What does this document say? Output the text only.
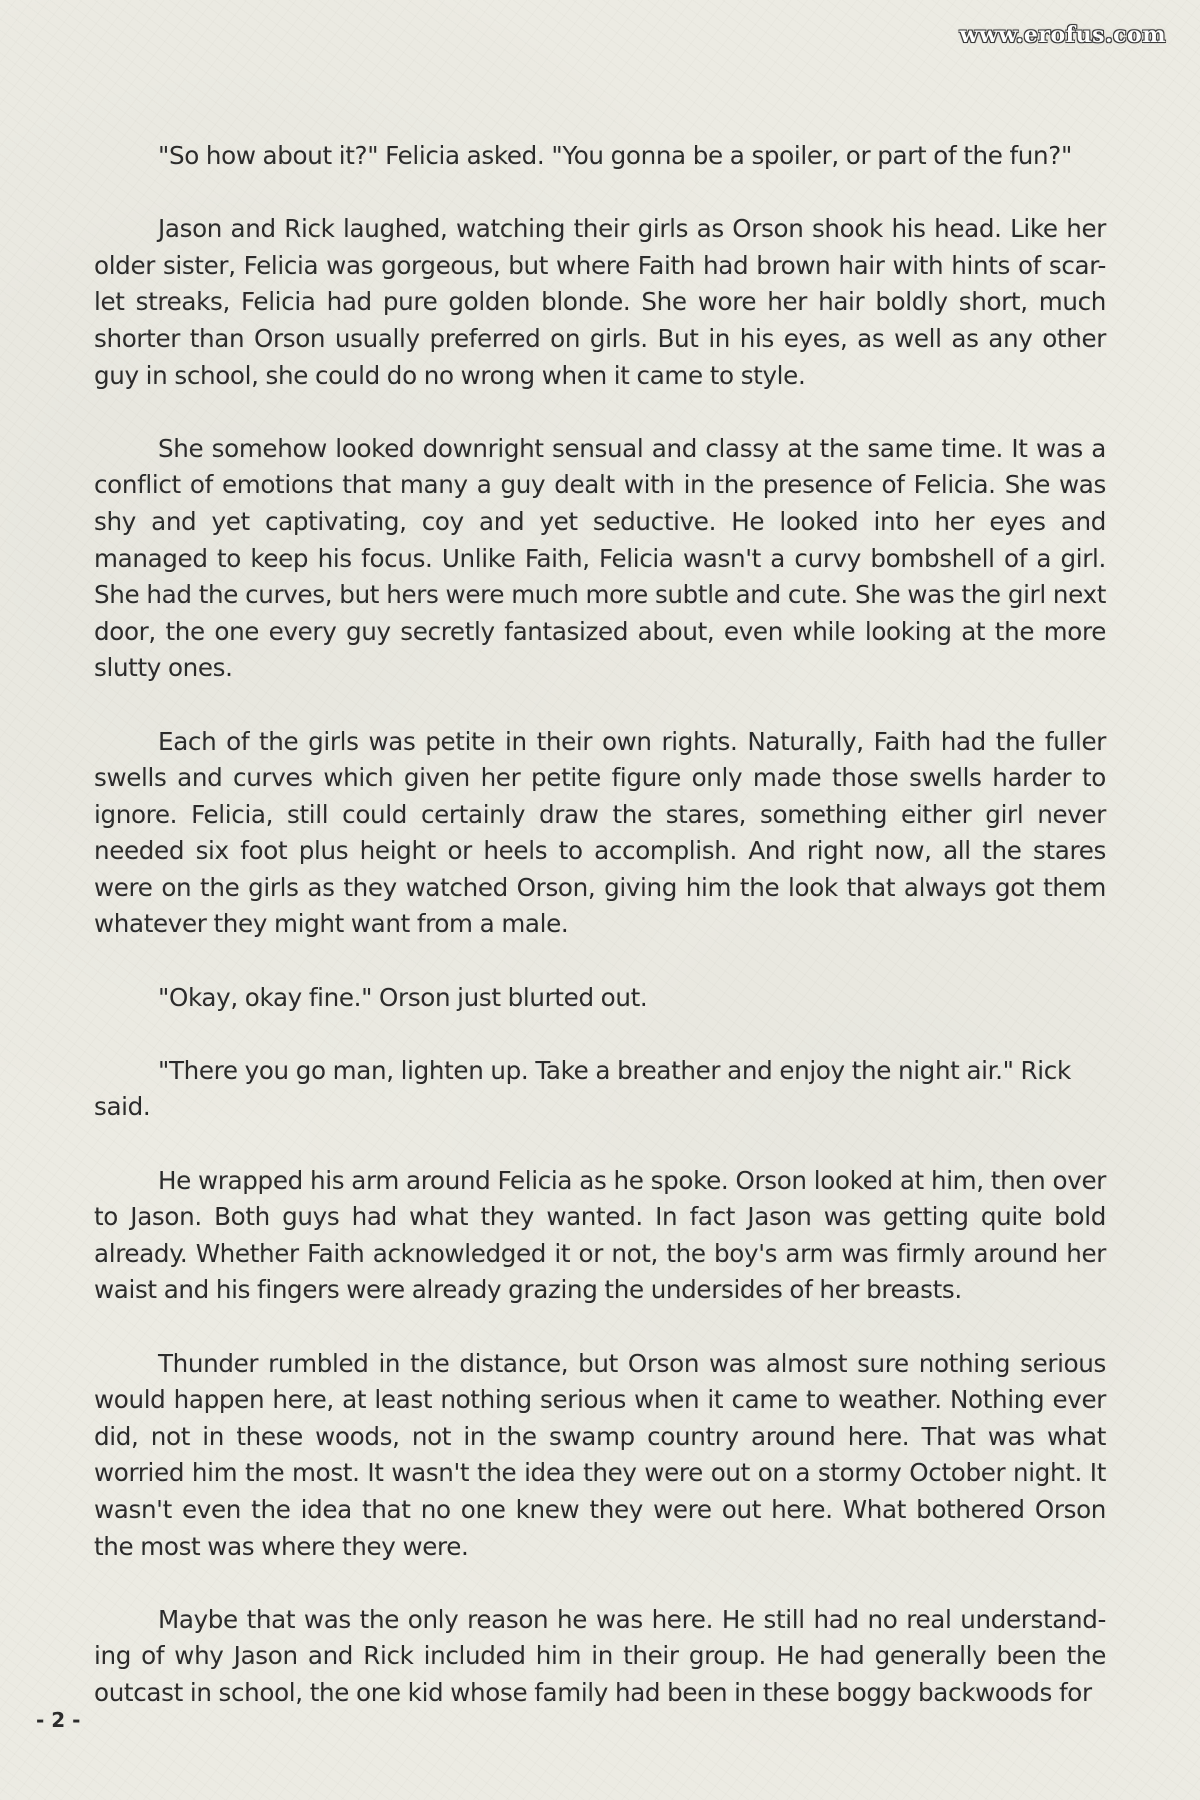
www.erofus.com

"So how about it?" Felicia asked. "You gonna be a spoiler, or part of the fun?"

Jason and Rick laughed, watching their girls as Orson shook his head. Like her older sister, Felicia was gorgeous, but where Faith had brown hair with hints of scar-let streaks, Felicia had pure golden blonde. She wore her hair boldly short, much shorter than Orson usually preferred on girls. But in his eyes, as well as any other guy in school, she could do no wrong when it came to style.

She somehow looked downright sensual and classy at the same time. It was a conflict of emotions that many a guy dealt with in the presence of Felicia. She was shy and yet captivating, coy and yet seductive. He looked into her eyes and managed to keep his focus. Unlike Faith, Felicia wasn't a curvy bombshell of a girl. She had the curves, but hers were much more subtle and cute. She was the girl next door, the one every guy secretly fantasized about, even while looking at the more slutty ones.

Each of the girls was petite in their own rights. Naturally, Faith had the fuller swells and curves which given her petite figure only made those swells harder to ignore. Felicia, still could certainly draw the stares, something either girl never needed six foot plus height or heels to accomplish. And right now, all the stares were on the girls as they watched Orson, giving him the look that always got them whatever they might want from a male.

"Okay, okay fine." Orson just blurted out.

"There you go man, lighten up. Take a breather and enjoy the night air." Rick said.

He wrapped his arm around Felicia as he spoke. Orson looked at him, then over to Jason. Both guys had what they wanted. In fact Jason was getting quite bold already. Whether Faith acknowledged it or not, the boy's arm was firmly around her waist and his fingers were already grazing the undersides of her breasts.

Thunder rumbled in the distance, but Orson was almost sure nothing serious would happen here, at least nothing serious when it came to weather. Nothing ever did, not in these woods, not in the swamp country around here. That was what worried him the most. It wasn't the idea they were out on a stormy October night. It wasn't even the idea that no one knew they were out here. What bothered Orson the most was where they were.

Maybe that was the only reason he was here. He still had no real understand-ing of why Jason and Rick included him in their group. He had generally been the outcast in school, the one kid whose family had been in these boggy backwoods for

- 2 -
